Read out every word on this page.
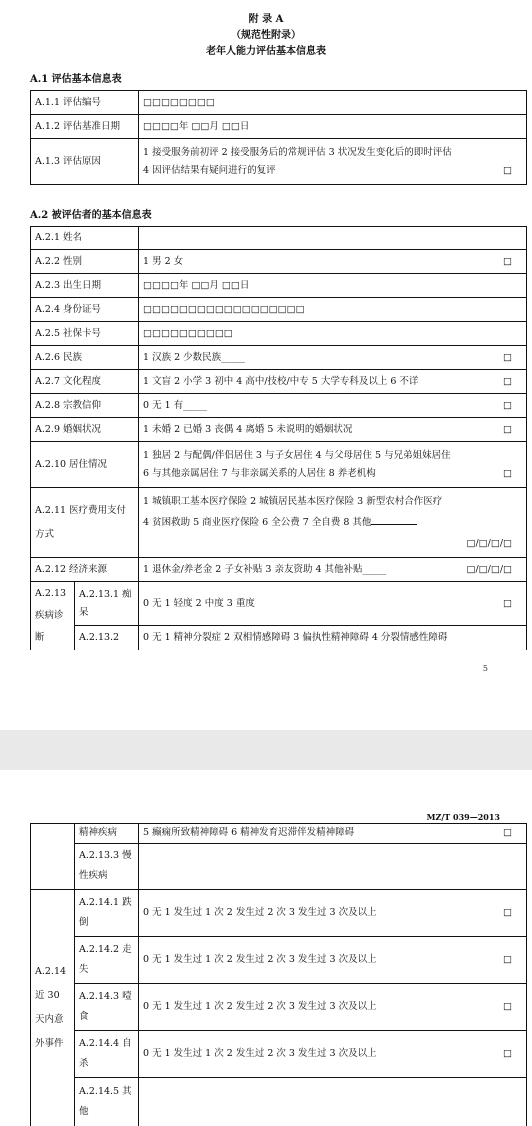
附 录 A
（规范性附录）
老年人能力评估基本信息表
A.1 评估基本信息表
A.1.1 评估编号	□□□□□□□□
A.1.2 评估基准日期	□□□□年 □□月 □□日
A.1.3 评估原因	1 接受服务前初评 2 接受服务后的常规评估 3 状况发生变化后的即时评估
4 因评估结果有疑问进行的复评 □
A.2 被评估者的基本信息表
A.2.1 姓名		
A.2.2 性别		1 男 2 女 □

A.2.3 出生日期		□□□□年 □□月 □□日
A.2.4 身份证号		□□□□□□□□□□□□□□□□□□
A.2.5 社保卡号		□□□□□□□□□□
A.2.6 民族		1 汉族 2 少数民族_____ □

A.2.7 文化程度		1 文盲 2 小学 3 初中 4 高中/技校/中专 5 大学专科及以上 6 不详 □

A.2.8 宗教信仰		0 无 1 有_____ □

A.2.9 婚姻状况		1 未婚 2 已婚 3 丧偶 4 离婚 5 未说明的婚姻状况 □

A.2.10 居住情况		1 独居 2 与配偶/伴侣居住 3 与子女居住 4 与父母居住 5 与兄弟姐妹居住
6 与其他亲属居住 7 与非亲属关系的人居住 8 养老机构 □

A.2.11 医疗费用支付方式		1 城镇职工基本医疗保险 2 城镇居民基本医疗保险 3 新型农村合作医疗
4 贫困救助 5 商业医疗保险 6 全公费 7 全自费 8 其他
□/□/□/□

A.2.12 经济来源		1 退休金/养老金 2 子女补贴 3 亲友资助 4 其他补贴_____ □/□/□/□

A.2.13 疾病诊断	A.2.13.1 痴呆	0 无 1 轻度 2 中度 3 重度 □

	A.2.13.2	0 无 1 精神分裂症 2 双相情感障碍 3 偏执性精神障碍 4 分裂情感性障碍
5
MZ/T 039—2013
	精神疾病	5 癫痫所致精神障碍 6 精神发育迟滞伴发精神障碍 □

	A.2.13.3 慢性疾病	
A.2.14 近 30 天内意外事件	A.2.14.1 跌倒	0 无 1 发生过 1 次 2 发生过 2 次 3 发生过 3 次及以上 □

	A.2.14.2 走失	0 无 1 发生过 1 次 2 发生过 2 次 3 发生过 3 次及以上 □

	A.2.14.3 噎食	0 无 1 发生过 1 次 2 发生过 2 次 3 发生过 3 次及以上 □

	A.2.14.4 自杀	0 无 1 发生过 1 次 2 发生过 2 次 3 发生过 3 次及以上 □

	A.2.14.5 其他	
